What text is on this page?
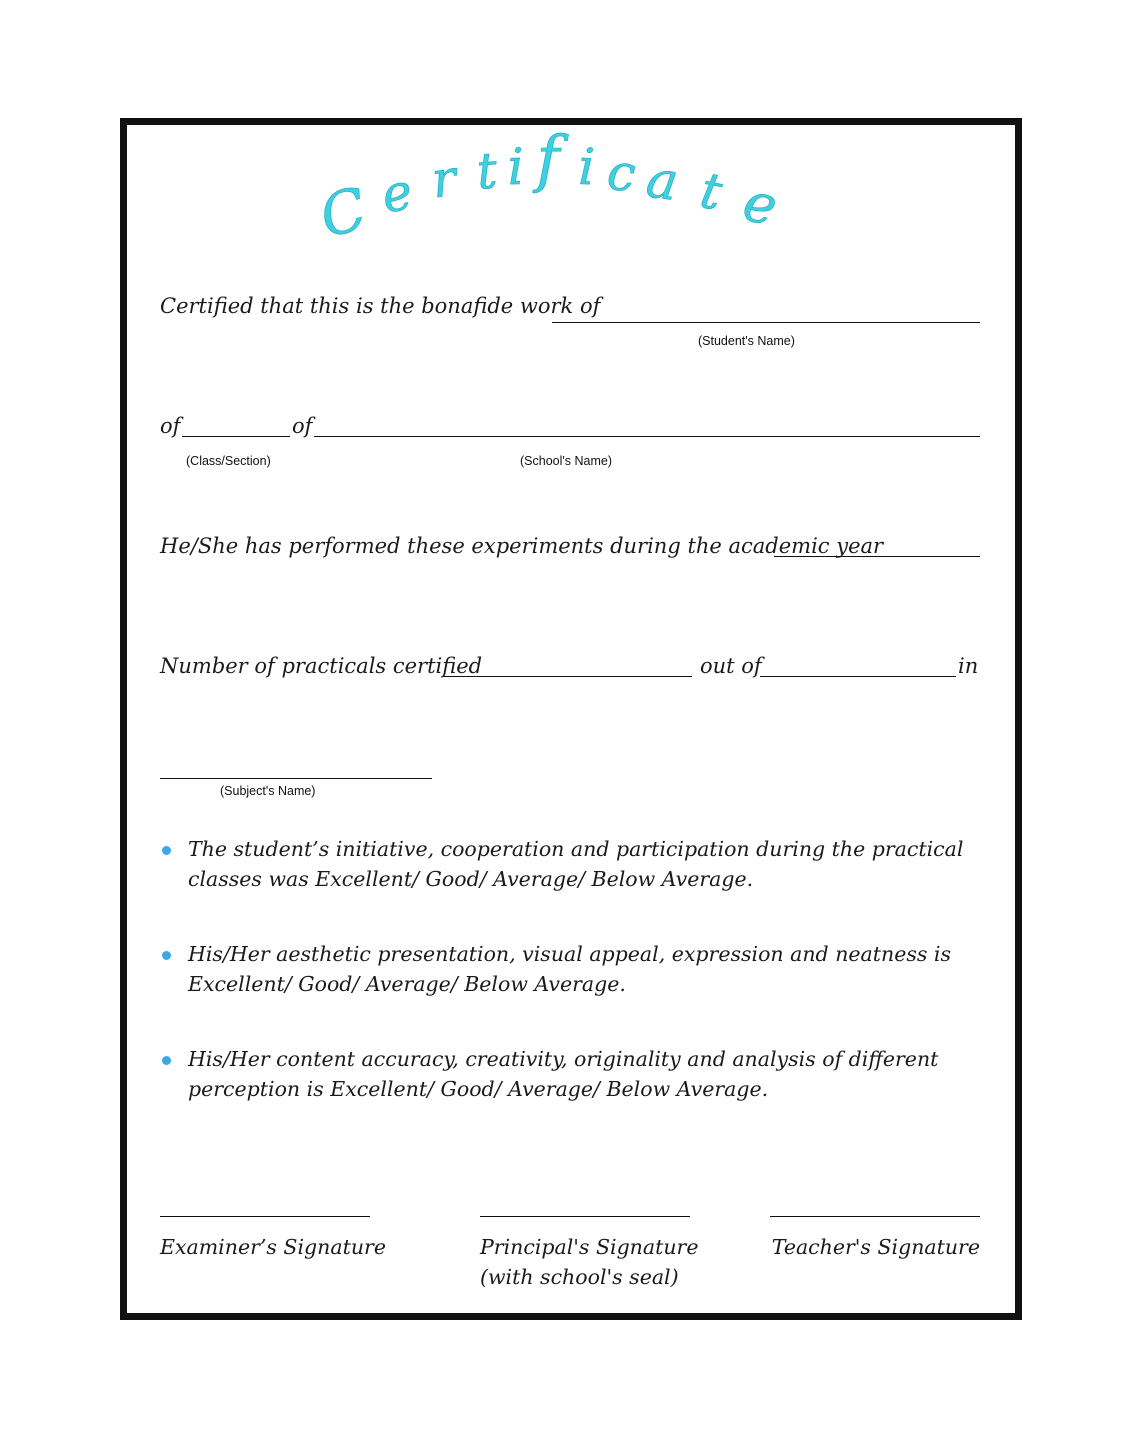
C e r t i f i c a t e
Certified that this is the bonafide work of
(Student's Name)
of	of
(Class/Section)	(School's Name)
He/She has performed these experiments during the academic year
Number of practicals certified	out of	in
(Subject's Name)
The student’s initiative, cooperation and participation during the practical classes was Excellent/ Good/ Average/ Below Average.
His/Her aesthetic presentation, visual appeal, expression and neatness is Excellent/ Good/ Average/ Below Average.
His/Her content accuracy, creativity, originality and analysis of different perception is Excellent/ Good/ Average/ Below Average.
Examiner’s Signature	Principal's Signature
(with school's seal)
Teacher's Signature
